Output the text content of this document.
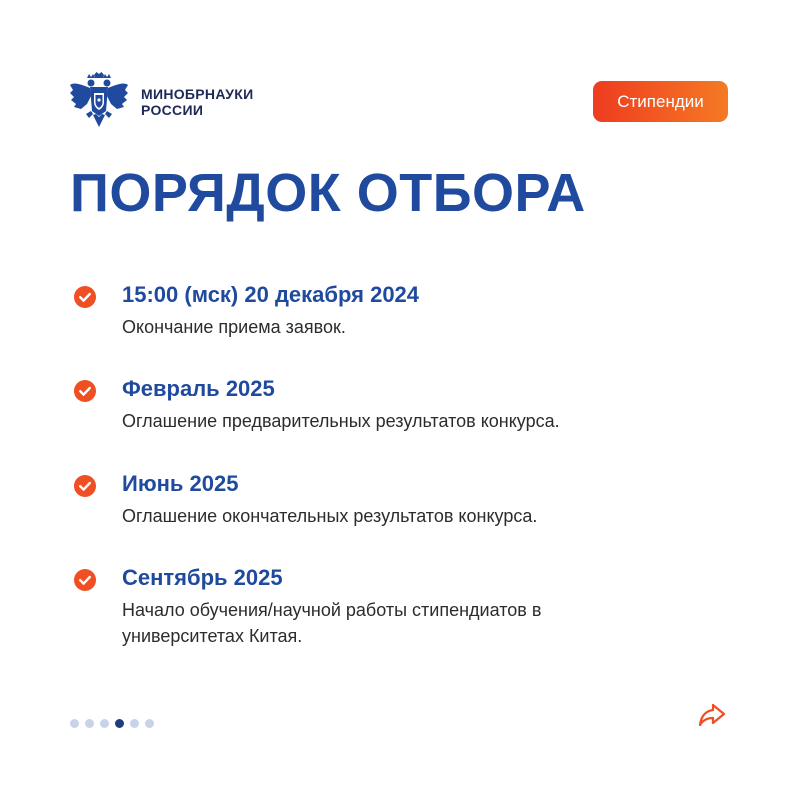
МИНОБРНАУКИ
РОССИИ	Стипендии
ПОРЯДОК ОТБОРА
15:00 (мск) 20 декабря 2024
Окончание приема заявок.
Февраль 2025
Оглашение предварительных результатов конкурса.
Июнь 2025
Оглашение окончательных результатов конкурса.
Сентябрь 2025
Начало обучения/научной работы стипендиатов в университетах Китая.
